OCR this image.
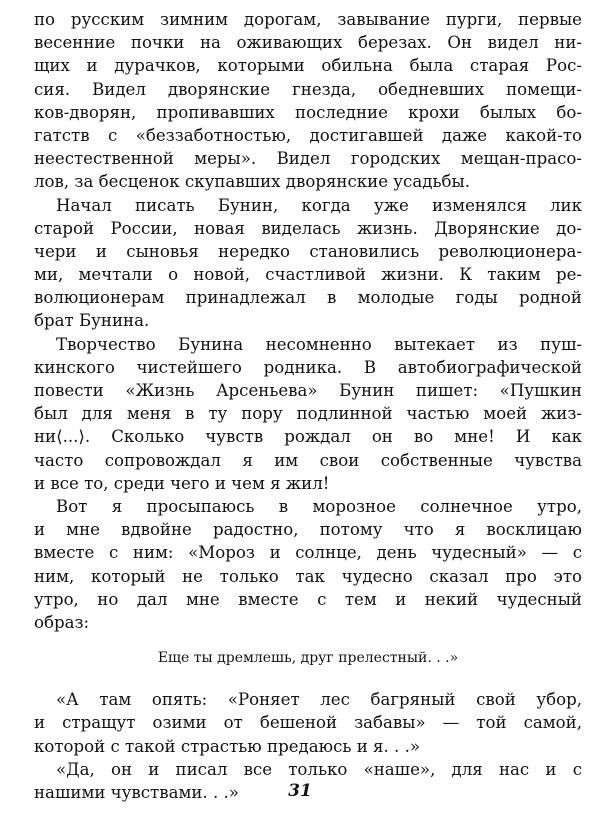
по русским зимним дорогам, завывание пурги, первые
весенние почки на оживающих березах. Он видел ни-
щих и дурачков, которыми обильна была старая Рос-
сия. Видел дворянские гнезда, обедневших помещи-
ков-дворян, пропивавших последние крохи былых бо-
гатств с «беззаботностью, достигавшей даже какой-то
неестественной меры». Видел городских мещан-прасо-
лов, за бесценок скупавших дворянские усадьбы.
Начал писать Бунин, когда уже изменялся лик
старой России, новая виделась жизнь. Дворянские до-
чери и сыновья нередко становились революционера-
ми, мечтали о новой, счастливой жизни. К таким ре-
волюционерам принадлежал в молодые годы родной
брат Бунина.
Творчество Бунина несомненно вытекает из пуш-
кинского чистейшего родника. В автобиографической
повести «Жизнь Арсеньева» Бунин пишет: «Пушкин
был для меня в ту пору подлинной частью моей жиз-
ни⟨...⟩. Сколько чувств рождал он во мне! И как
часто сопровождал я им свои собственные чувства
и все то, среди чего и чем я жил!
Вот я просыпаюсь в морозное солнечное утро,
и мне вдвойне радостно, потому что я восклицаю
вместе с ним: «Мороз и солнце, день чудесный» — с
ним, который не только так чудесно сказал про это
утро, но дал мне вместе с тем и некий чудесный
образ:
Еще ты дремлешь, друг прелестный. . .»
«А там опять: «Роняет лес багряный свой убор,
и стращут озими от бешеной забавы» — той самой,
которой с такой страстью предаюсь и я. . .»
«Да, он и писал все только «наше», для нас и с
нашими чувствами. . .»	31
